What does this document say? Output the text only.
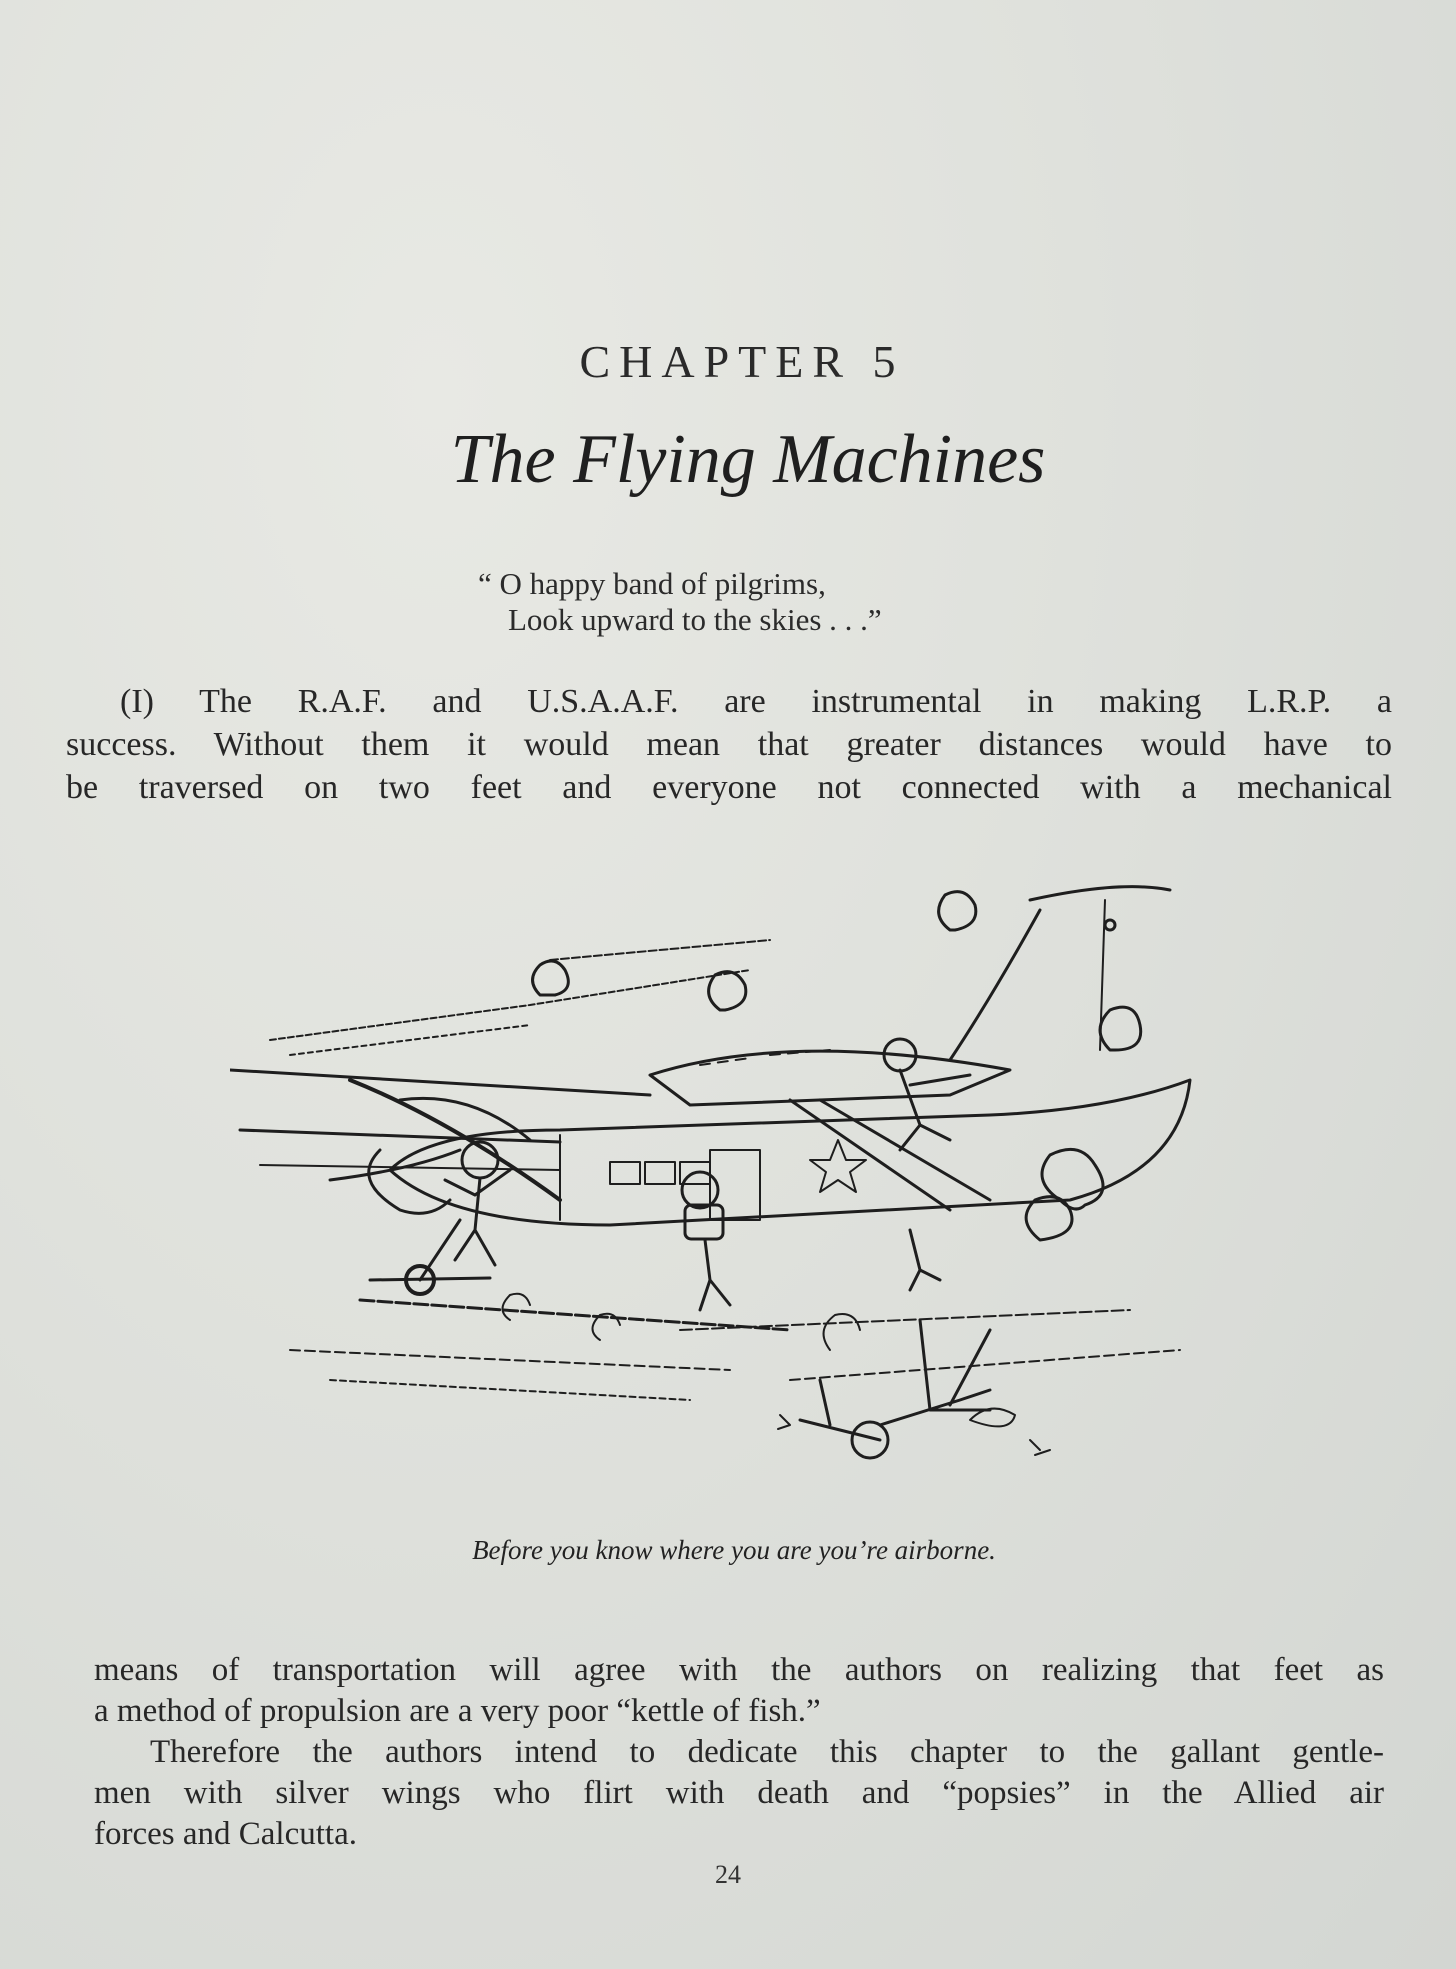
CHAPTER 5
The Flying Machines
“ O happy band of pilgrims,
Look upward to the skies . . .”
(I) The R.A.F. and U.S.A.A.F. are instrumental in making L.R.P. a
success. Without them it would mean that greater distances would have to
be traversed on two feet and everyone not connected with a mechanical
Before you know where you are you’re airborne.
means of transportation will agree with the authors on realizing that feet as
a method of propulsion are a very poor “kettle of fish.”
Therefore the authors intend to dedicate this chapter to the gallant gentle-
men with silver wings who flirt with death and “popsies” in the Allied air
forces and Calcutta.
24
